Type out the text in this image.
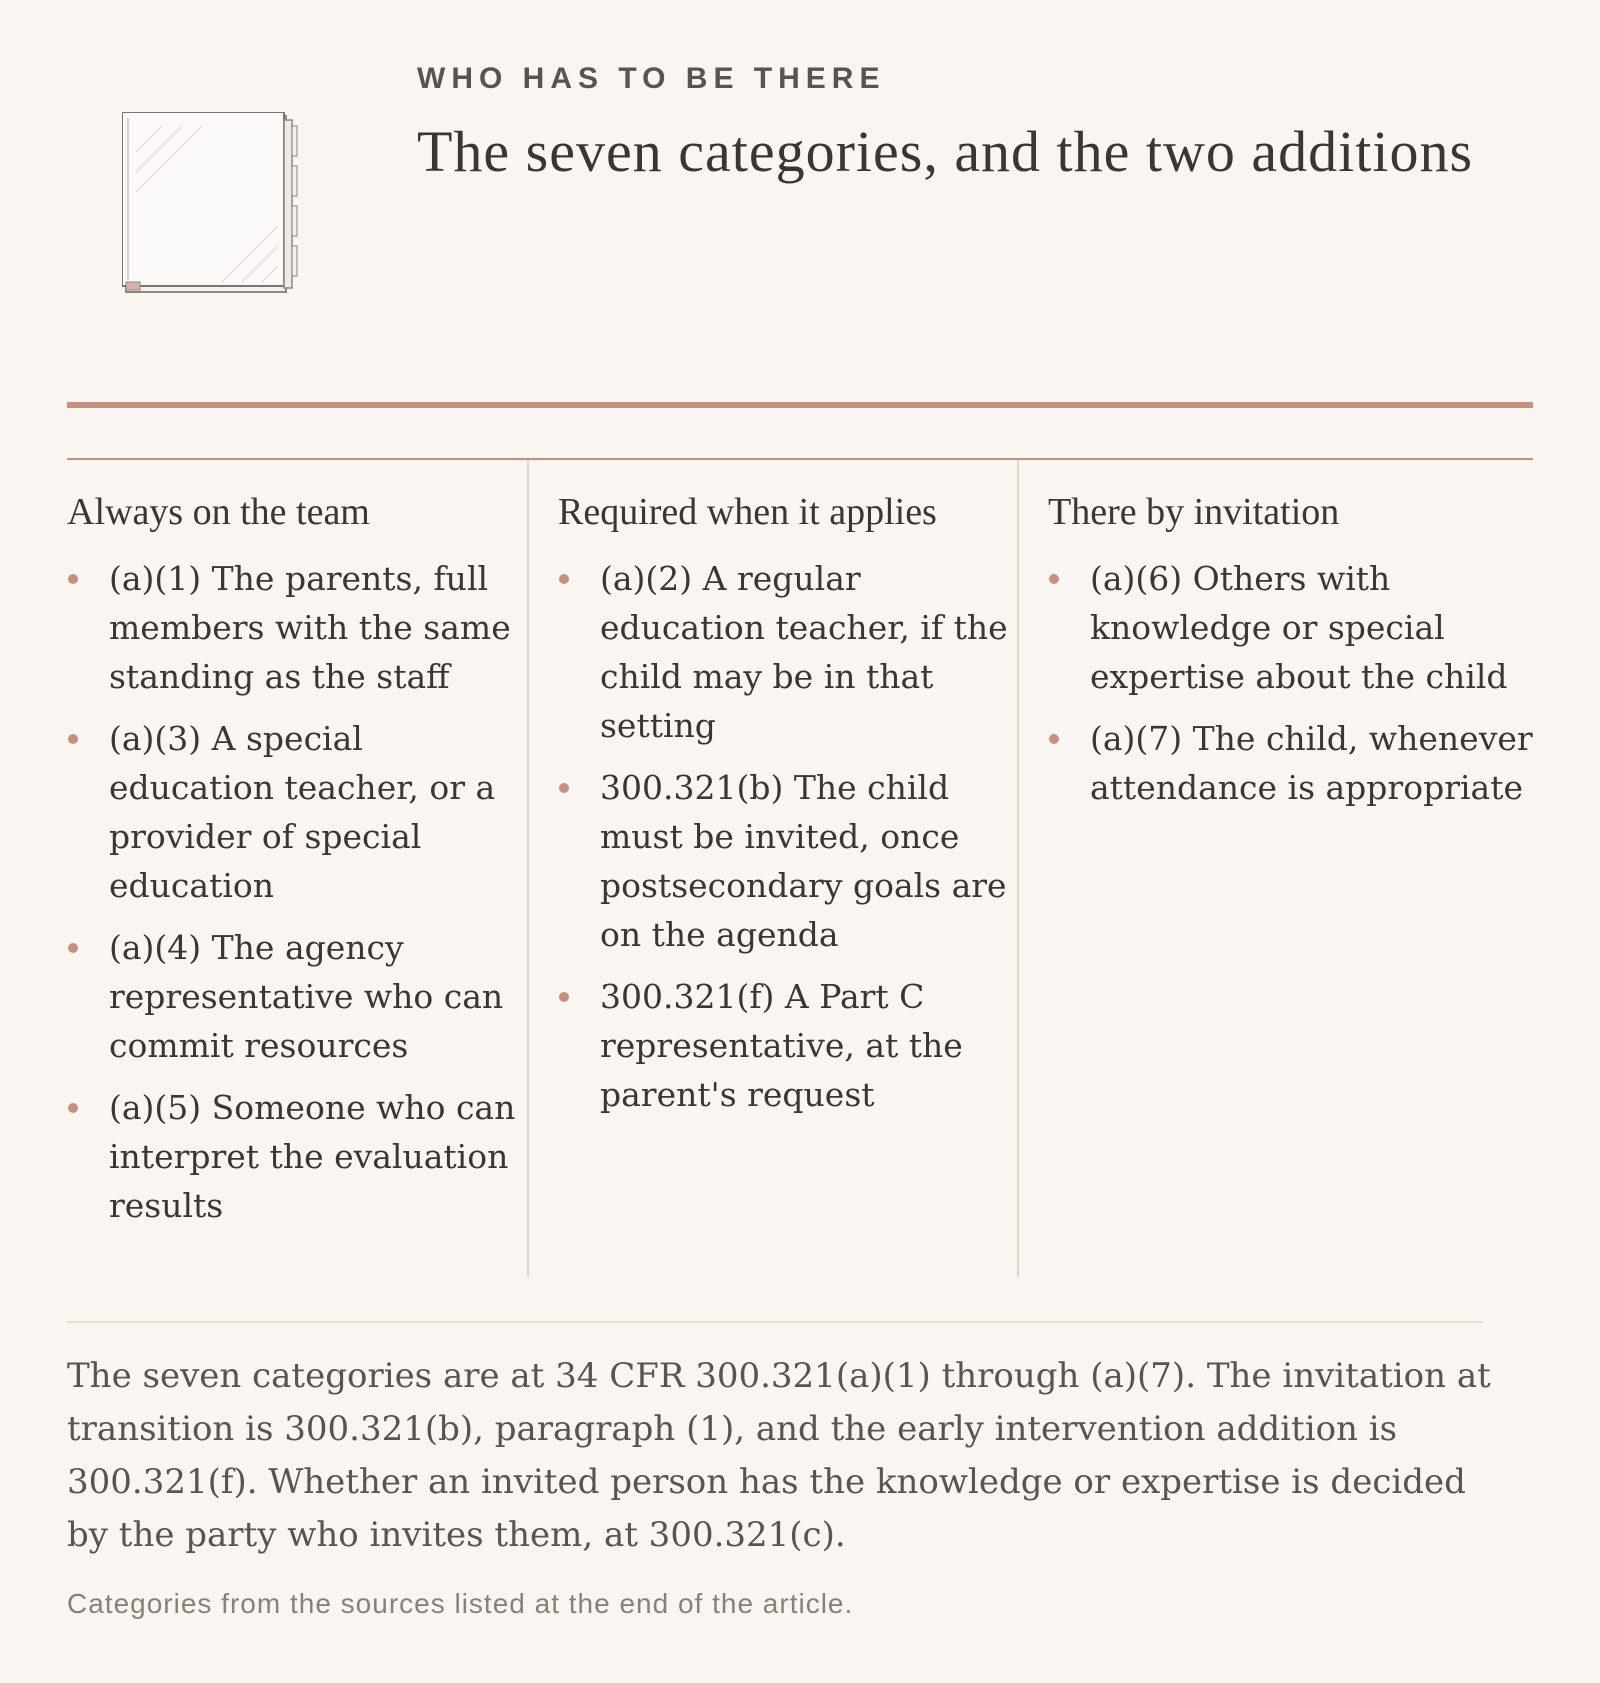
WHO HAS TO BE THERE

The seven categories, and the two additions
Always on the team
(a)(1) The parents, full members with the same standing as the staff
(a)(3) A special education teacher, or a provider of special education
(a)(4) The agency representative who can commit resources
(a)(5) Someone who can interpret the evaluation results
Required when it applies
(a)(2) A regular education teacher, if the child may be in that setting
300.321(b) The child must be invited, once postsecondary goals are on the agenda
300.321(f) A Part C representative, at the parent's request
There by invitation
(a)(6) Others with knowledge or special expertise about the child
(a)(7) The child, whenever attendance is appropriate

The seven categories are at 34 CFR 300.321(a)(1) through (a)(7). The invitation at transition is 300.321(b), paragraph (1), and the early intervention addition is 300.321(f). Whether an invited person has the knowledge or expertise is decided by the party who invites them, at 300.321(c).

Categories from the sources listed at the end of the article.
